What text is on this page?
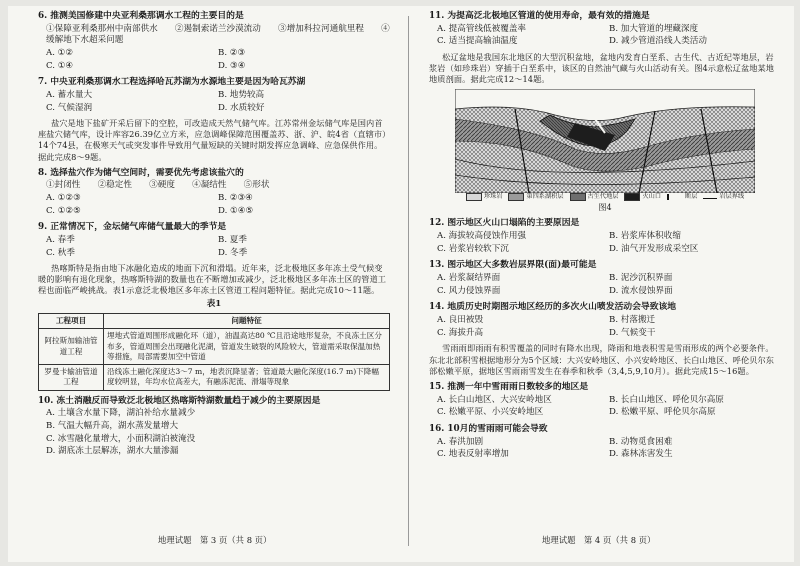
6. 推测美国修建中央亚利桑那调水工程的主要目的是
①保障亚利桑那州中南部供水　　②遏制索诺兰沙漠流动　　③增加科拉河通航里程　　④缓解地下水超采问题
A. ①②	B. ②③
C. ①④	D. ③④
7. 中央亚利桑那调水工程选择哈瓦苏湖为水源地主要是因为哈瓦苏湖
A. 蓄水量大	B. 地势较高
C. 气候湿润	D. 水质较好
盐穴是地下盐矿开采后留下的空腔，可改造成天然气储气库。江苏常州金坛储气库是国内首座盐穴储气库，设计库容26.39亿立方米，应急调峰保障范围覆盖苏、浙、沪、皖4省（直辖市）14个74县，在极寒天气或突发事件导致用气量短缺的关键时期发挥应急调峰、应急保供作用。据此完成8～9题。
8. 选择盐穴作为储气空间时，需要优先考虑该盐穴的
①封闭性　　②稳定性　　③硬度　　④凝结性　　⑤形状
A. ①②③	B. ②③④
C. ①②⑤	D. ①④⑤
9. 正常情况下，金坛储气库储气量最大的季节是
A. 春季	B. 夏季
C. 秋季	D. 冬季
热喀斯特是指由地下冰融化造成的地面下沉和滑塌。近年来，泛北极地区多年冻土受气候变暖的影响有退化现象，热喀斯特湖的数量也在不断增加或减少，泛北极地区多年冻土区的管道工程也面临严峻挑战。表1示意泛北极地区多年冻土区管道工程问题特征。据此完成10～11题。
表1
工程项目	问题特征
阿拉斯加输油管道工程	埋地式管道周围形成融化环（道），油温高达80 ℃且沿途地形复杂，不良冻土区分布多，管道周围会出现融化泥湖，管道发生破裂的风险较大，管道需采取保温加热等措施，局部需要加空中管道
罗曼卡输油管道工程	沿线冻土融化深度达3～7 m，地表沉降显著；管道最大融化深度(16.7 m)下降幅度较明显，年均水位高差大，有融冻泥流、滑塌等现象
10. 冻土消融反而导致泛北极地区热喀斯特湖数量趋于减少的主要原因是
A. 土壤含水量下降，湖泊补给水量减少
B. 气温大幅升高，湖水蒸发量增大
C. 冰雪融化量增大，小面积湖泊被淹没
D. 湖底冻土层解冻，湖水大量渗漏
地理试题　第 3 页（共 8 页）
11. 为提高泛北极地区管道的使用寿命，最有效的措施是
A. 提高管线低被覆盖率	B. 加大管道的埋藏深度
C. 适当提高输油温度	D. 减少管道沿线人类活动
松辽盆地是我国东北地区的大型沉积盆地，盆地内发育白垩系、古生代、古近纪等地层，岩浆岩（如珍珠岩）穿插于白垩系中，该区的自然油气藏与火山活动有关。图4示意松辽盆地某地地质剖面。据此完成12～14题。
珍珠岩	第四系湖积层	古生代地层	火山口	断层	岩层界线
图4
12. 图示地区火山口塌陷的主要原因是
A. 海拔较高侵蚀作用强	B. 岩浆库体积收缩
C. 岩浆岩较软下沉	D. 油气开发形成采空区
13. 图示地区大多数岩层界限(面)最可能是
A. 岩浆凝结界面	B. 泥沙沉积界面
C. 风力侵蚀界面	D. 流水侵蚀界面
14. 地质历史时期图示地区经历的多次火山喷发活动会导致该地
A. 良田被毁	B. 村落搬迁
C. 海拔升高	D. 气候变干
雪雨雨即雨雨有积雪覆盖的同时有降水出现，降雨和地表积雪是雪雨形成的两个必要条件。东北北部积雪根据地形分为5个区域：大兴安岭地区、小兴安岭地区、长白山地区、呼伦贝尔东部松嫩平原，据地区雪雨雨雪发生在春季和秋季（3,4,5,9,10月）。据此完成15～16题。
15. 推测一年中雪雨雨日数较多的地区是
A. 长白山地区、大兴安岭地区	B. 长白山地区、呼伦贝尔高原
C. 松嫩平原、小兴安岭地区	D. 松嫩平原、呼伦贝尔高原
16. 10月的雪雨雨可能会导致
A. 春洪加剧	B. 动物觅食困难
C. 地表反射率增加	D. 森林冻害发生
地理试题　第 4 页（共 8 页）
